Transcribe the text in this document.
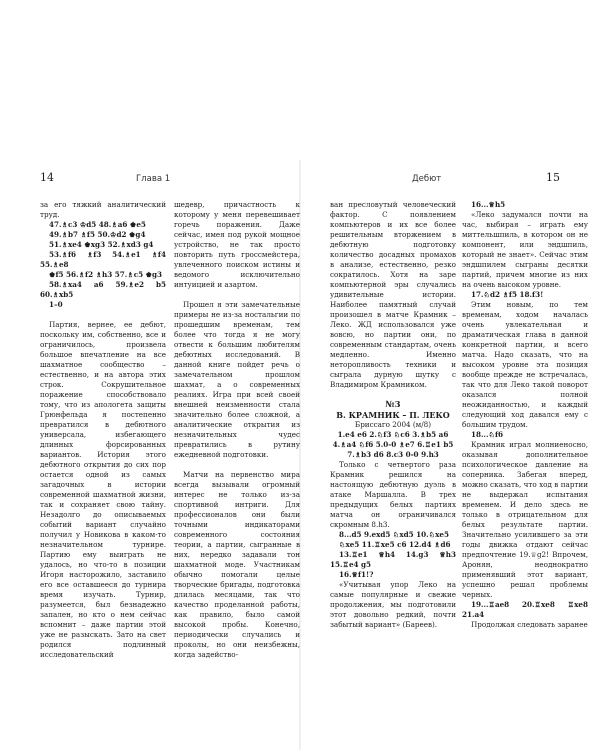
14	Глава 1	Дебют	15

за его тяжкий аналитический труд.

47.♗c3 ♔d5 48.♗a6 ♚e5

49.♗b7 ♗f5 50.♔d2 ♚g4

51.♗xe4 ♚xg3 52.♗xd3 g4

53.♗f6 ♗f3 54.♗e1 ♗f4 55.♗e8

♚f5 56.♗f2 ♗h3 57.♗c5 ♚g3

58.♗xa4 a6 59.♗e2 b5 60.♗xb5

1–0

Партия, вернее, ее дебют, поскольку им, собственно, все и ограничилось, произвела большое впечатление на все шахматное сообщество – естественно, и на автора этих строк. Сокрушительное поражение способствовало тому, что из апологета защиты Грюнфельда я постепенно превратился в дебютного универсала, избегающего длинных форсированных вариантов. История этого дебютного открытия до сих пор остается одной из самых загадочных в истории современной шахматной жизни, так и сохраняет свою тайну. Незадолго до описываемых событий вариант случайно получил у Новикова в каком-то незначительном турнире. Партию ему выиграть не удалось, но что-то в позиции Игоря насторожило, заставило его все оставшееся до турнира время изучать. Турнир, разумеется, был безнадежно запален, но кто о нем сейчас вспомнит – даже партии этой уже не разыскать. Зато на свет родился подлинный исследовательский

шедевр, причастность к которому у меня перевешивает горечь поражения. Даже сейчас, имея под рукой мощное устройство, не так просто повторить путь гроссмейстера, увлеченного поиском истины и ведомого исключительно интуицией и азартом.

Прошел я эти замечательные примеры не из-за ностальгии по прошедшим временам, тем более что тогда я не могу отвести к большим любителям дебютных исследований. В данной книге пойдет речь о замечательном прошлом шахмат, а о современных реалиях. Игра при всей своей внешней неизменности стала значительно более сложной, а аналитические открытия из незначительных чудес превратились в рутину ежедневной подготовки.

Матчи на первенство мира всегда вызывали огромный интерес не только из-за спортивной интриги. Для профессионалов они были точными индикаторами современного состояния теории, а партии, сыгранные в них, нередко задавали тон шахматной моде. Участникам обычно помогали целые творческие бригады, подготовка длилась месяцами, так что качество проделанной работы, как правило, было самой высокой пробы. Конечно, периодически случались и проколы, но они неизбежны, когда задейство-

ван пресловутый человеческий фактор. С появлением компьютеров и их все более решительным вторжением в дебютную подготовку количество досадных промахов в анализе, естественно, резко сократилось. Хотя на заре компьютерной эры случались удивительные истории. Наиболее памятный случай произошел в матче Крамник – Леко. ЖД использовался уже вовсю, но партии они, по современным стандартам, очень медленно. Именно неторопливость техники и сыграла дурную шутку с Владимиром Крамником.

№3

В. КРАМНИК – П. ЛЕКО

Бриссаго 2004 (м/8)

1.e4 e6 2.♘f3 ♘c6 3.♗b5 a6

4.♗a4 ♘f6 5.0-0 ♗e7 6.♖e1 b5

7.♗b3 d6 8.c3 0-0 9.h3

Только с четвертого раза Крамник решился на настоящую дебютную дуэль в атаке Маршалла. В трех предыдущих белых партиях матча он ограничивался скромным 8.h3.

8...d5 9.exd5 ♘xd5 10.♘xe5

♘xe5 11.♖xe5 c6 12.d4 ♗d6

13.♖e1 ♕h4 14.g3 ♕h3 15.♖e4 g5

16.♕f1!?

«Учитывая упор Леко на самые популярные и свежие продолжения, мы подготовили этот довольно редкий, почти забытый вариант» (Бареев).

16...♕h5

«Леко задумался почти на час, выбирая – играть ему миттельшпиль, в котором он не компонент, или эндшпиль, который не знает». Сейчас этим эндшпилем сыграны десятки партий, причем многие из них на очень высоком уровне.

17.♘d2 ♗f5 18.f3!

Этим новым, по тем временам, ходом началась очень увлекательная и драматическая глава в данной конкретной партии, и всего матча. Надо сказать, что на высоком уровне эта позиция вообще прежде не встречалась, так что для Леко такой поворот оказался полной неожиданностью, и каждый следующий ход давался ему с большим трудом.

18...♘f6

Крамник играл молниеносно, оказывая дополнительное психологическое давление на соперника. Забегая вперед, можно сказать, что ход в партии не выдержал испытания временем. И дело здесь не только в отрицательном для белых результате партии. Значительно усилившего за эти годы движка отдают сейчас предпочтение 19.♕g2! Впрочем, Аронян, неоднократно применявший этот вариант, успешно решал проблемы черных.

19...♖ae8 20.♖xe8 ♖xe8 21.a4

Продолжая следовать заранее
